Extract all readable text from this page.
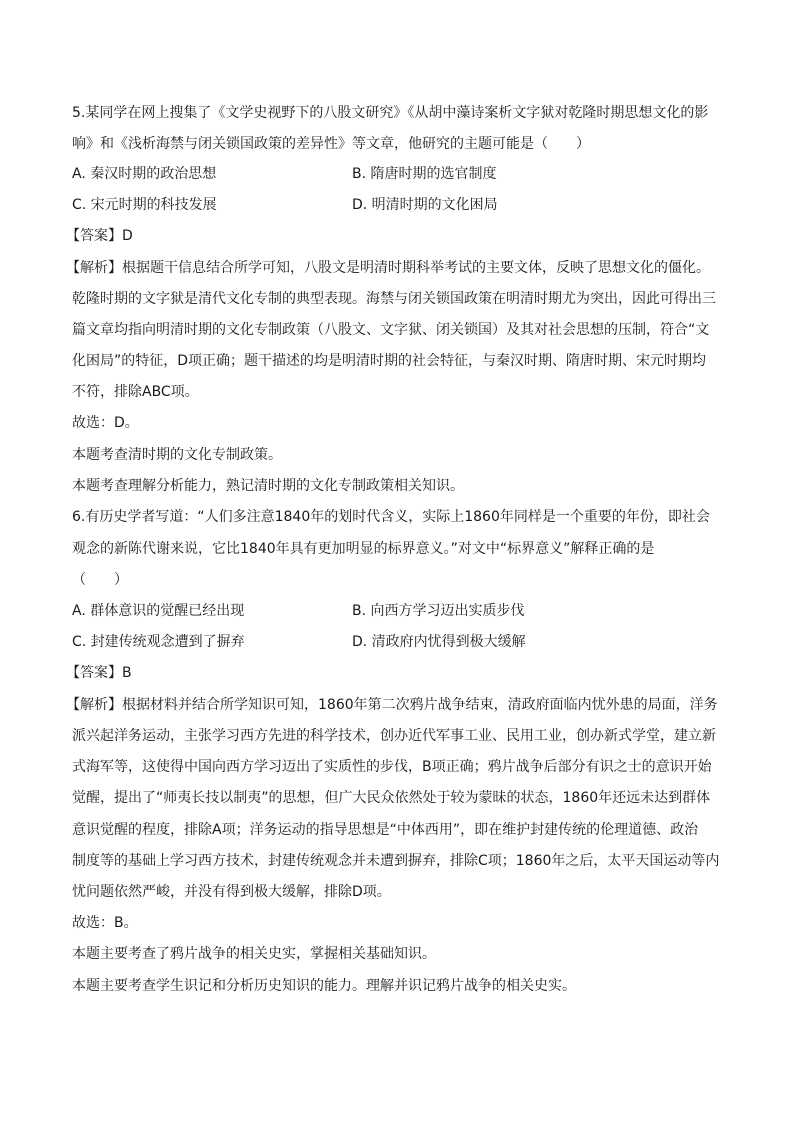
5.某同学在网上搜集了《文学史视野下的八股文研究》《从胡中藻诗案析文字狱对乾隆时期思想文化的影
响》和《浅析海禁与闭关锁国政策的差异性》等文章，他研究的主题可能是（　　）
A. 秦汉时期的政治思想	B. 隋唐时期的选官制度
C. 宋元时期的科技发展	D. 明清时期的文化困局
【答案】D
【解析】根据题干信息结合所学可知，八股文是明清时期科举考试的主要文体，反映了思想文化的僵化。
乾隆时期的文字狱是清代文化专制的典型表现。海禁与闭关锁国政策在明清时期尤为突出，因此可得出三
篇文章均指向明清时期的文化专制政策（八股文、文字狱、闭关锁国）及其对社会思想的压制，符合“文
化困局”的特征，D项正确；题干描述的均是明清时期的社会特征，与秦汉时期、隋唐时期、宋元时期均
不符，排除ABC项。
故选：D。
本题考查清时期的文化专制政策。
本题考查理解分析能力，熟记清时期的文化专制政策相关知识。
6.有历史学者写道：“人们多注意1840年的划时代含义，实际上1860年同样是一个重要的年份，即社会
观念的新陈代谢来说，它比1840年具有更加明显的标界意义。”对文中“标界意义”解释正确的是
（　　）
A. 群体意识的觉醒已经出现	B. 向西方学习迈出实质步伐
C. 封建传统观念遭到了摒弃	D. 清政府内忧得到极大缓解
【答案】B
【解析】根据材料并结合所学知识可知，1860年第二次鸦片战争结束，清政府面临内忧外患的局面，洋务
派兴起洋务运动，主张学习西方先进的科学技术，创办近代军事工业、民用工业，创办新式学堂，建立新
式海军等，这使得中国向西方学习迈出了实质性的步伐，B项正确；鸦片战争后部分有识之士的意识开始
觉醒，提出了“师夷长技以制夷”的思想，但广大民众依然处于较为蒙昧的状态，1860年还远未达到群体
意识觉醒的程度，排除A项；洋务运动的指导思想是“中体西用”，即在维护封建传统的伦理道德、政治
制度等的基础上学习西方技术，封建传统观念并未遭到摒弃，排除C项；1860年之后，太平天国运动等内
忧问题依然严峻，并没有得到极大缓解，排除D项。
故选：B。
本题主要考查了鸦片战争的相关史实，掌握相关基础知识。
本题主要考查学生识记和分析历史知识的能力。理解并识记鸦片战争的相关史实。
